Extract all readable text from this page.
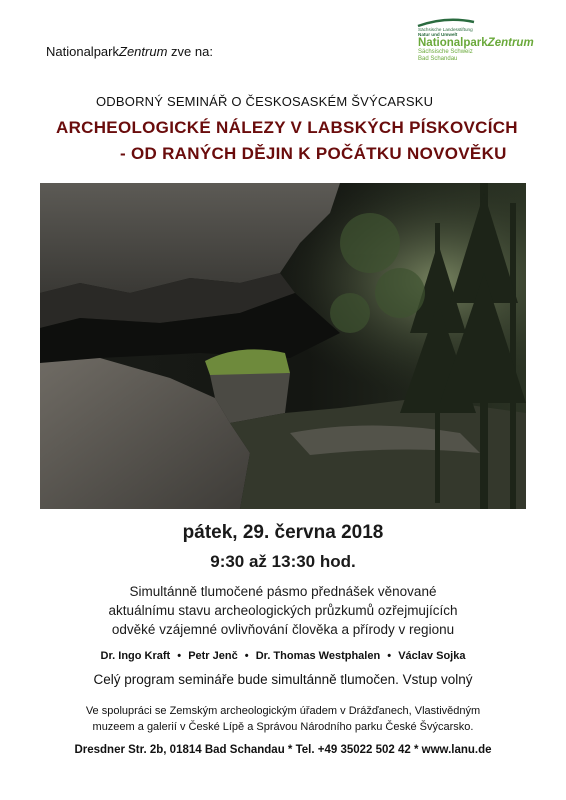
NationalparkZentrum zve na:
Sächsische Landesstiftung
Natur und Umwelt
NationalparkZentrum
Sächsische Schweiz
Bad Schandau
ODBORNÝ SEMINÁŘ O ČESKOSASKÉM ŠVÝCARSKU
ARCHEOLOGICKÉ NÁLEZY V LABSKÝCH PÍSKOVCÍCH
- OD RANÝCH DĚJIN K POČÁTKU NOVOVĚKU
pátek, 29. června 2018
9:30 až 13:30 hod.
Simultánně tlumočené pásmo přednášek věnované
aktuálnímu stavu archeologických průzkumů ozřejmujících
odvěké vzájemné ovlivňování člověka a přírody v regionu
Dr. Ingo Kraft • Petr Jenč • Dr. Thomas Westphalen • Václav Sojka
Celý program semináře bude simultánně tlumočen. Vstup volný
Ve spolupráci se Zemským archeologickým úřadem v Drážďanech, Vlastivědným
muzeem a galerií v České Lípě a Správou Národního parku České Švýcarsko.
Dresdner Str. 2b, 01814 Bad Schandau * Tel. +49 35022 502 42 * www.lanu.de
